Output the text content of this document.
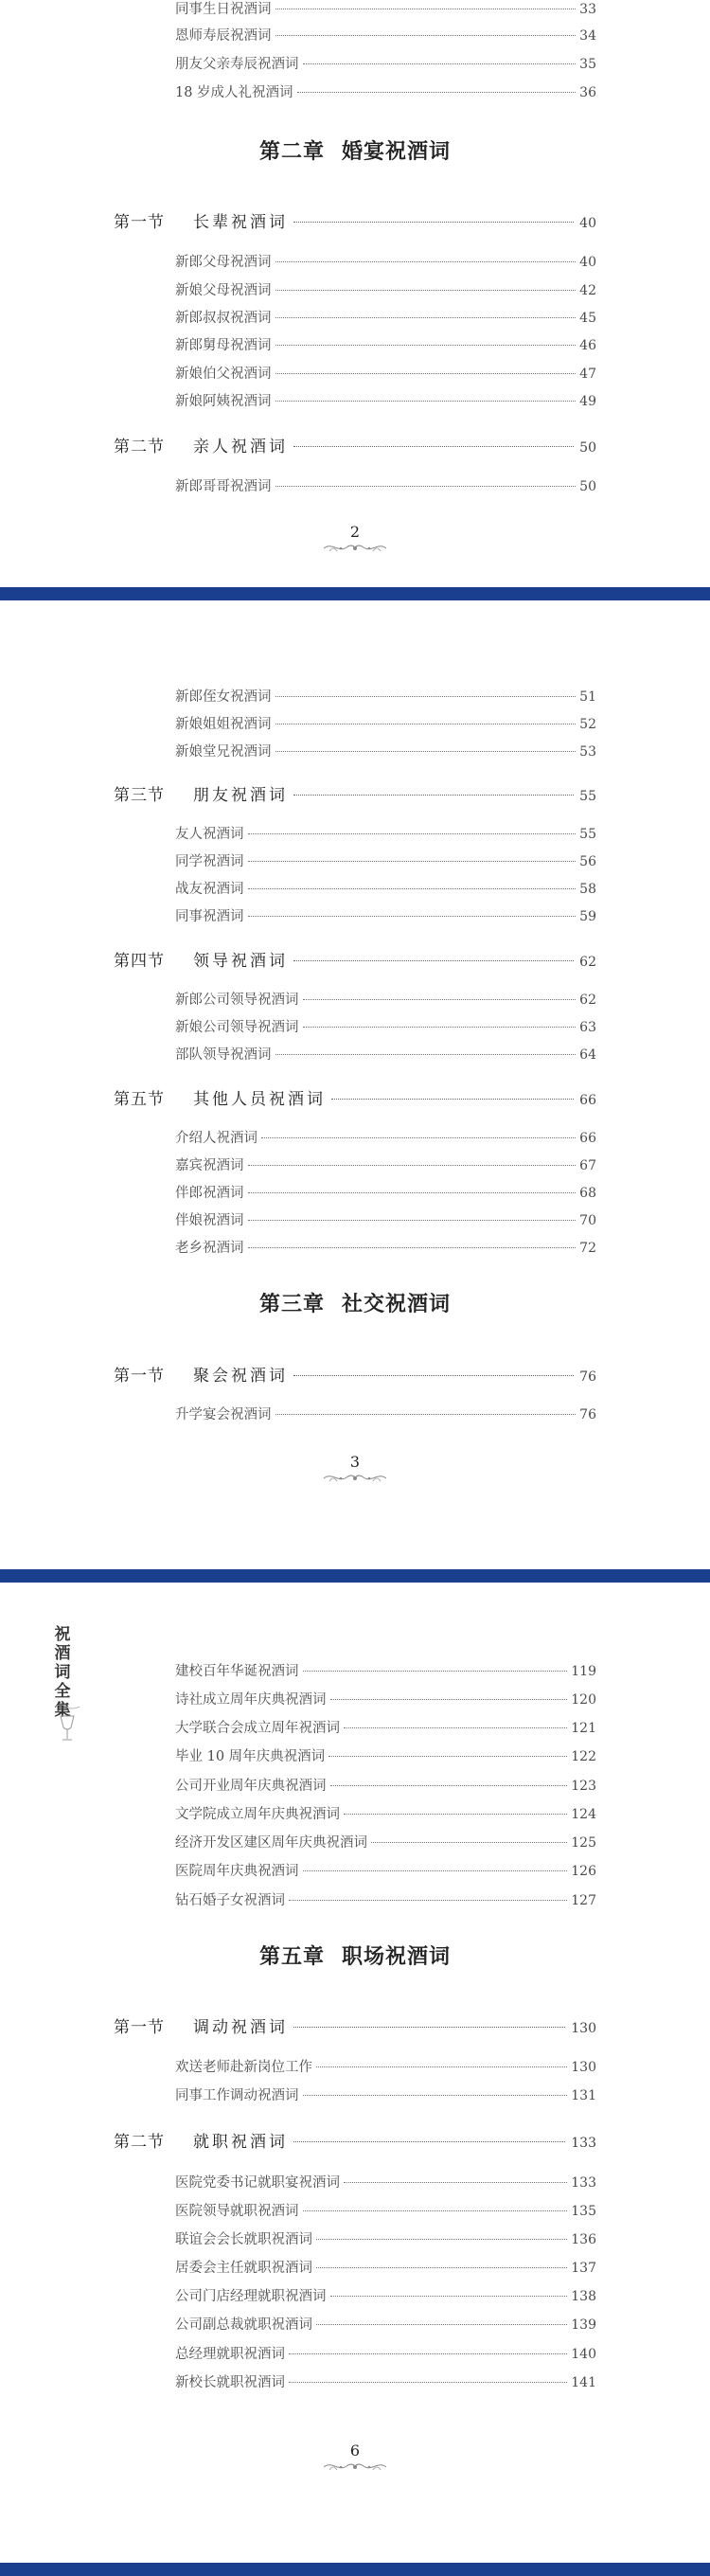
同事生日祝酒词	33
恩师寿辰祝酒词	34
朋友父亲寿辰祝酒词	35
18 岁成人礼祝酒词	36
第二章 婚宴祝酒词
第一节 长辈祝酒词	40
新郎父母祝酒词	40
新娘父母祝酒词	42
新郎叔叔祝酒词	45
新郎舅母祝酒词	46
新娘伯父祝酒词	47
新娘阿姨祝酒词	49
第二节 亲人祝酒词	50
新郎哥哥祝酒词	50
2
新郎侄女祝酒词	51
新娘姐姐祝酒词	52
新娘堂兄祝酒词	53
第三节 朋友祝酒词	55
友人祝酒词	55
同学祝酒词	56
战友祝酒词	58
同事祝酒词	59
第四节 领导祝酒词	62
新郎公司领导祝酒词	62
新娘公司领导祝酒词	63
部队领导祝酒词	64
第五节 其他人员祝酒词	66
介绍人祝酒词	66
嘉宾祝酒词	67
伴郎祝酒词	68
伴娘祝酒词	70
老乡祝酒词	72
第三章 社交祝酒词
第一节 聚会祝酒词	76
升学宴会祝酒词	76
3
祝
酒
词
全
集
建校百年华诞祝酒词	119
诗社成立周年庆典祝酒词	120
大学联合会成立周年祝酒词	121
毕业 10 周年庆典祝酒词	122
公司开业周年庆典祝酒词	123
文学院成立周年庆典祝酒词	124
经济开发区建区周年庆典祝酒词	125
医院周年庆典祝酒词	126
钻石婚子女祝酒词	127
第五章 职场祝酒词
第一节 调动祝酒词	130
欢送老师赴新岗位工作	130
同事工作调动祝酒词	131
第二节 就职祝酒词	133
医院党委书记就职宴祝酒词	133
医院领导就职祝酒词	135
联谊会会长就职祝酒词	136
居委会主任就职祝酒词	137
公司门店经理就职祝酒词	138
公司副总裁就职祝酒词	139
总经理就职祝酒词	140
新校长就职祝酒词	141
6
